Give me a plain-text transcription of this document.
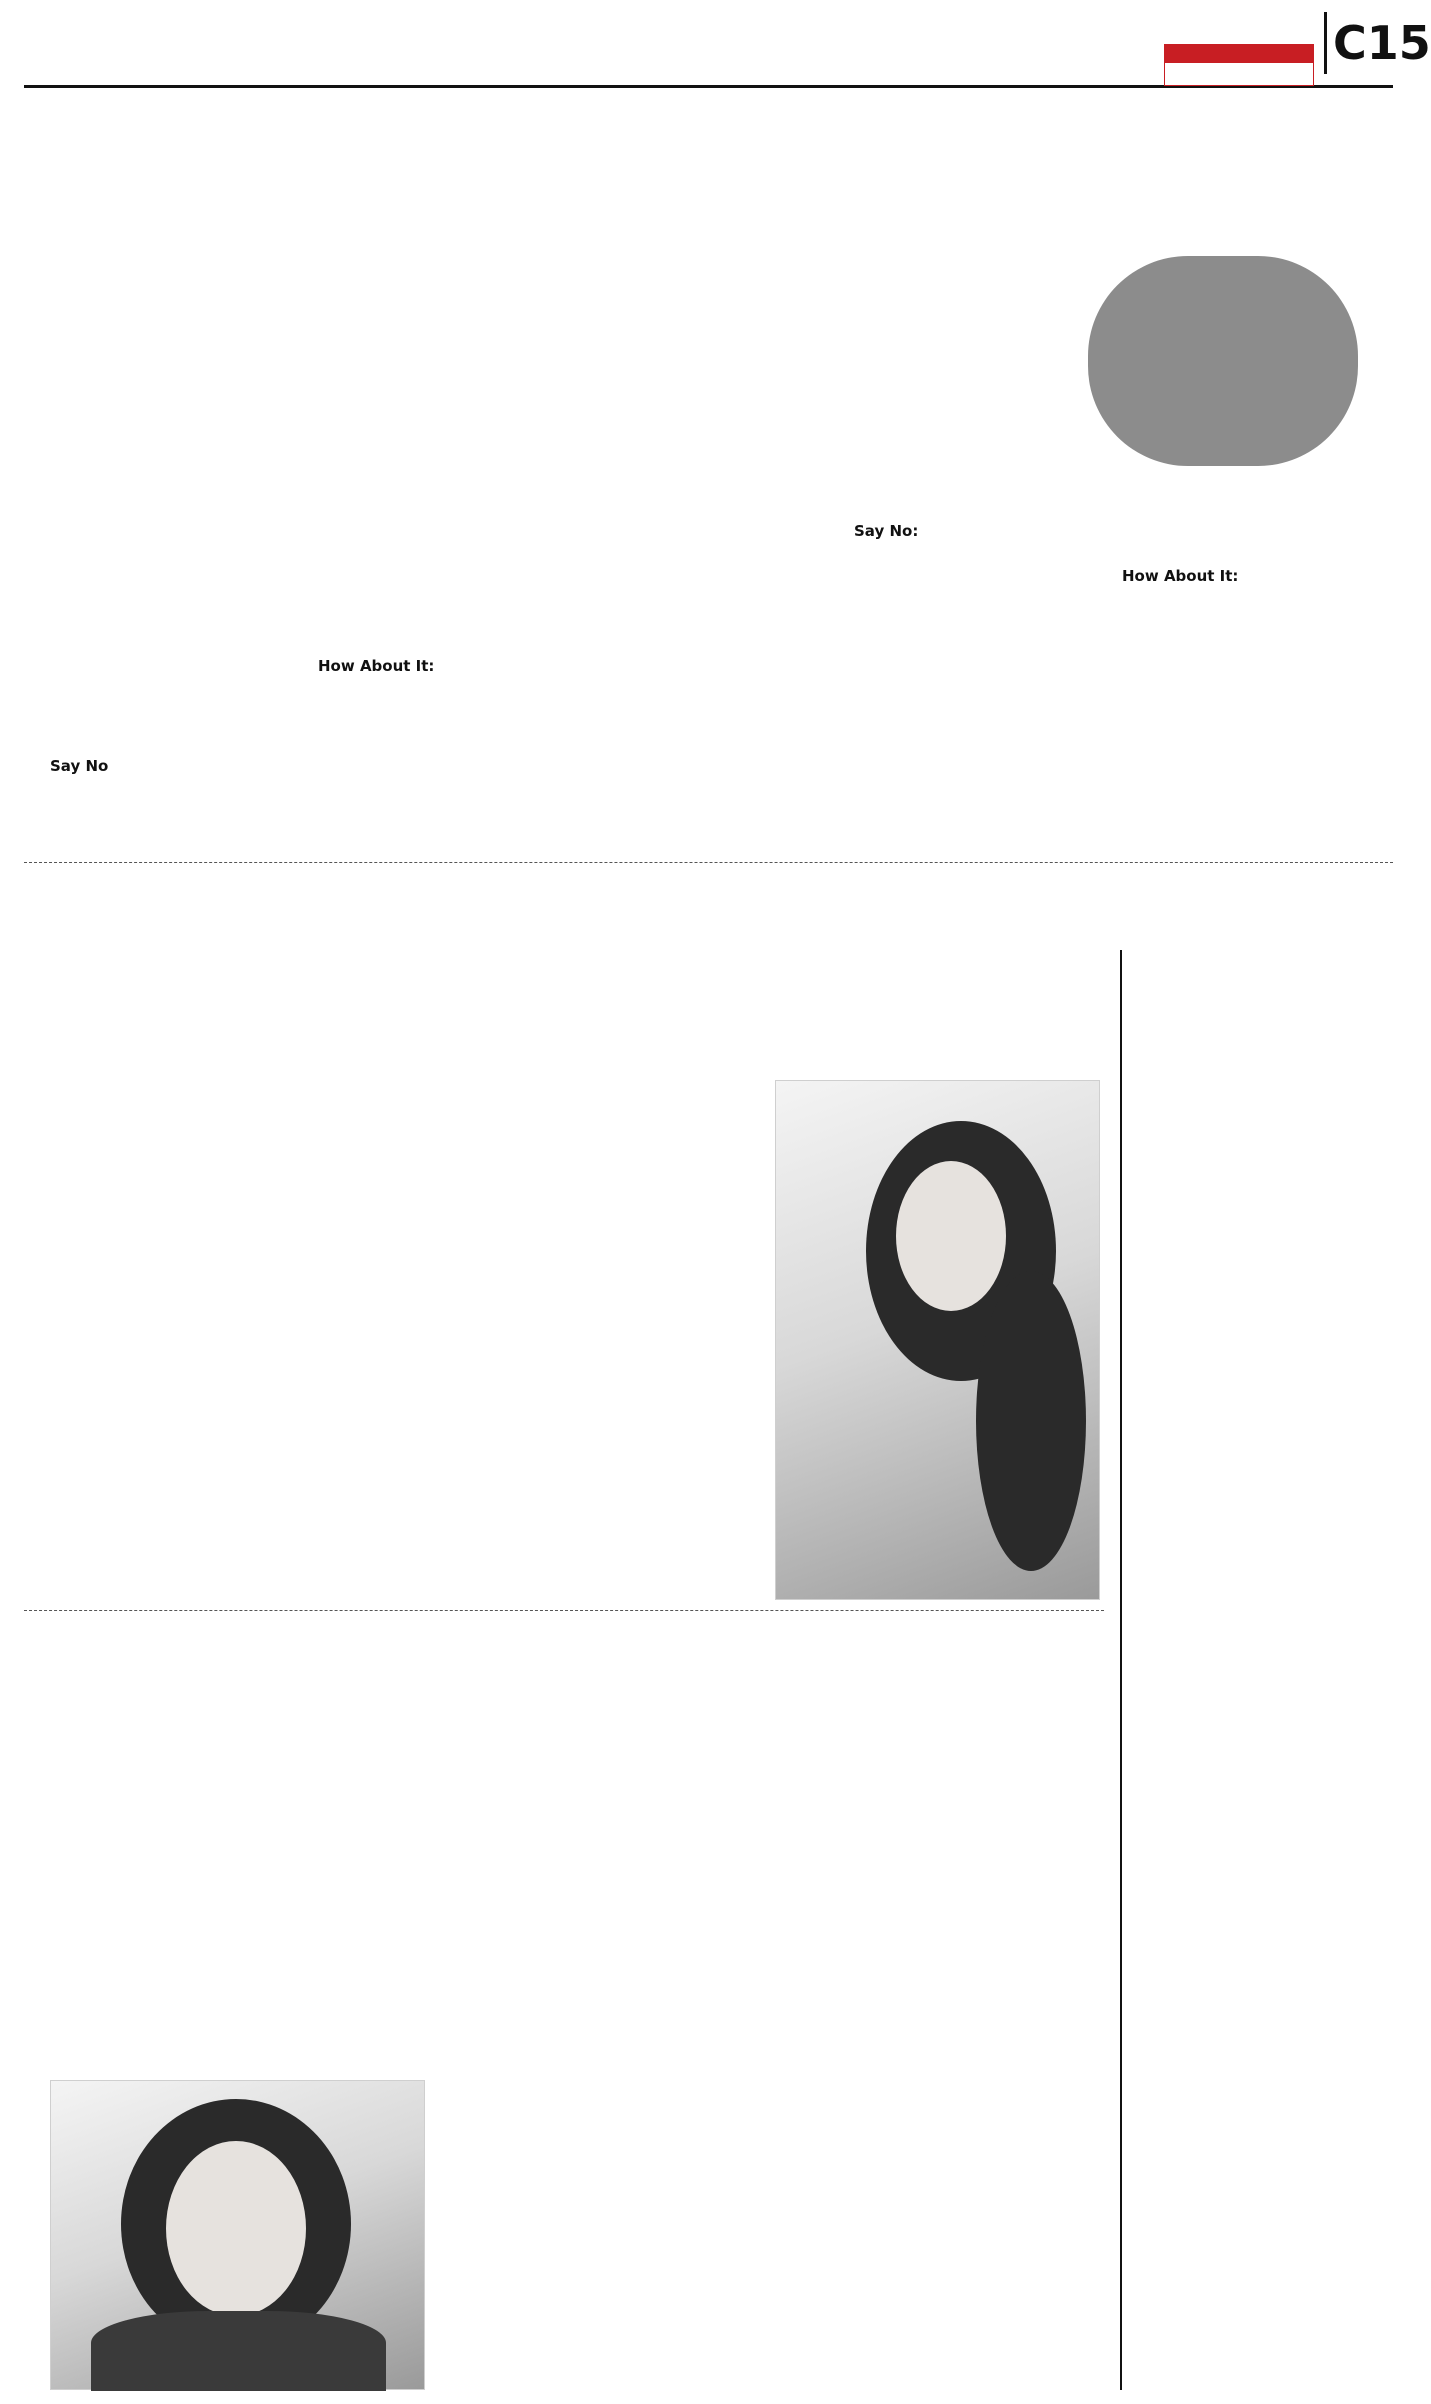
C15
Say No
How About It:
Say No:
How About It:
